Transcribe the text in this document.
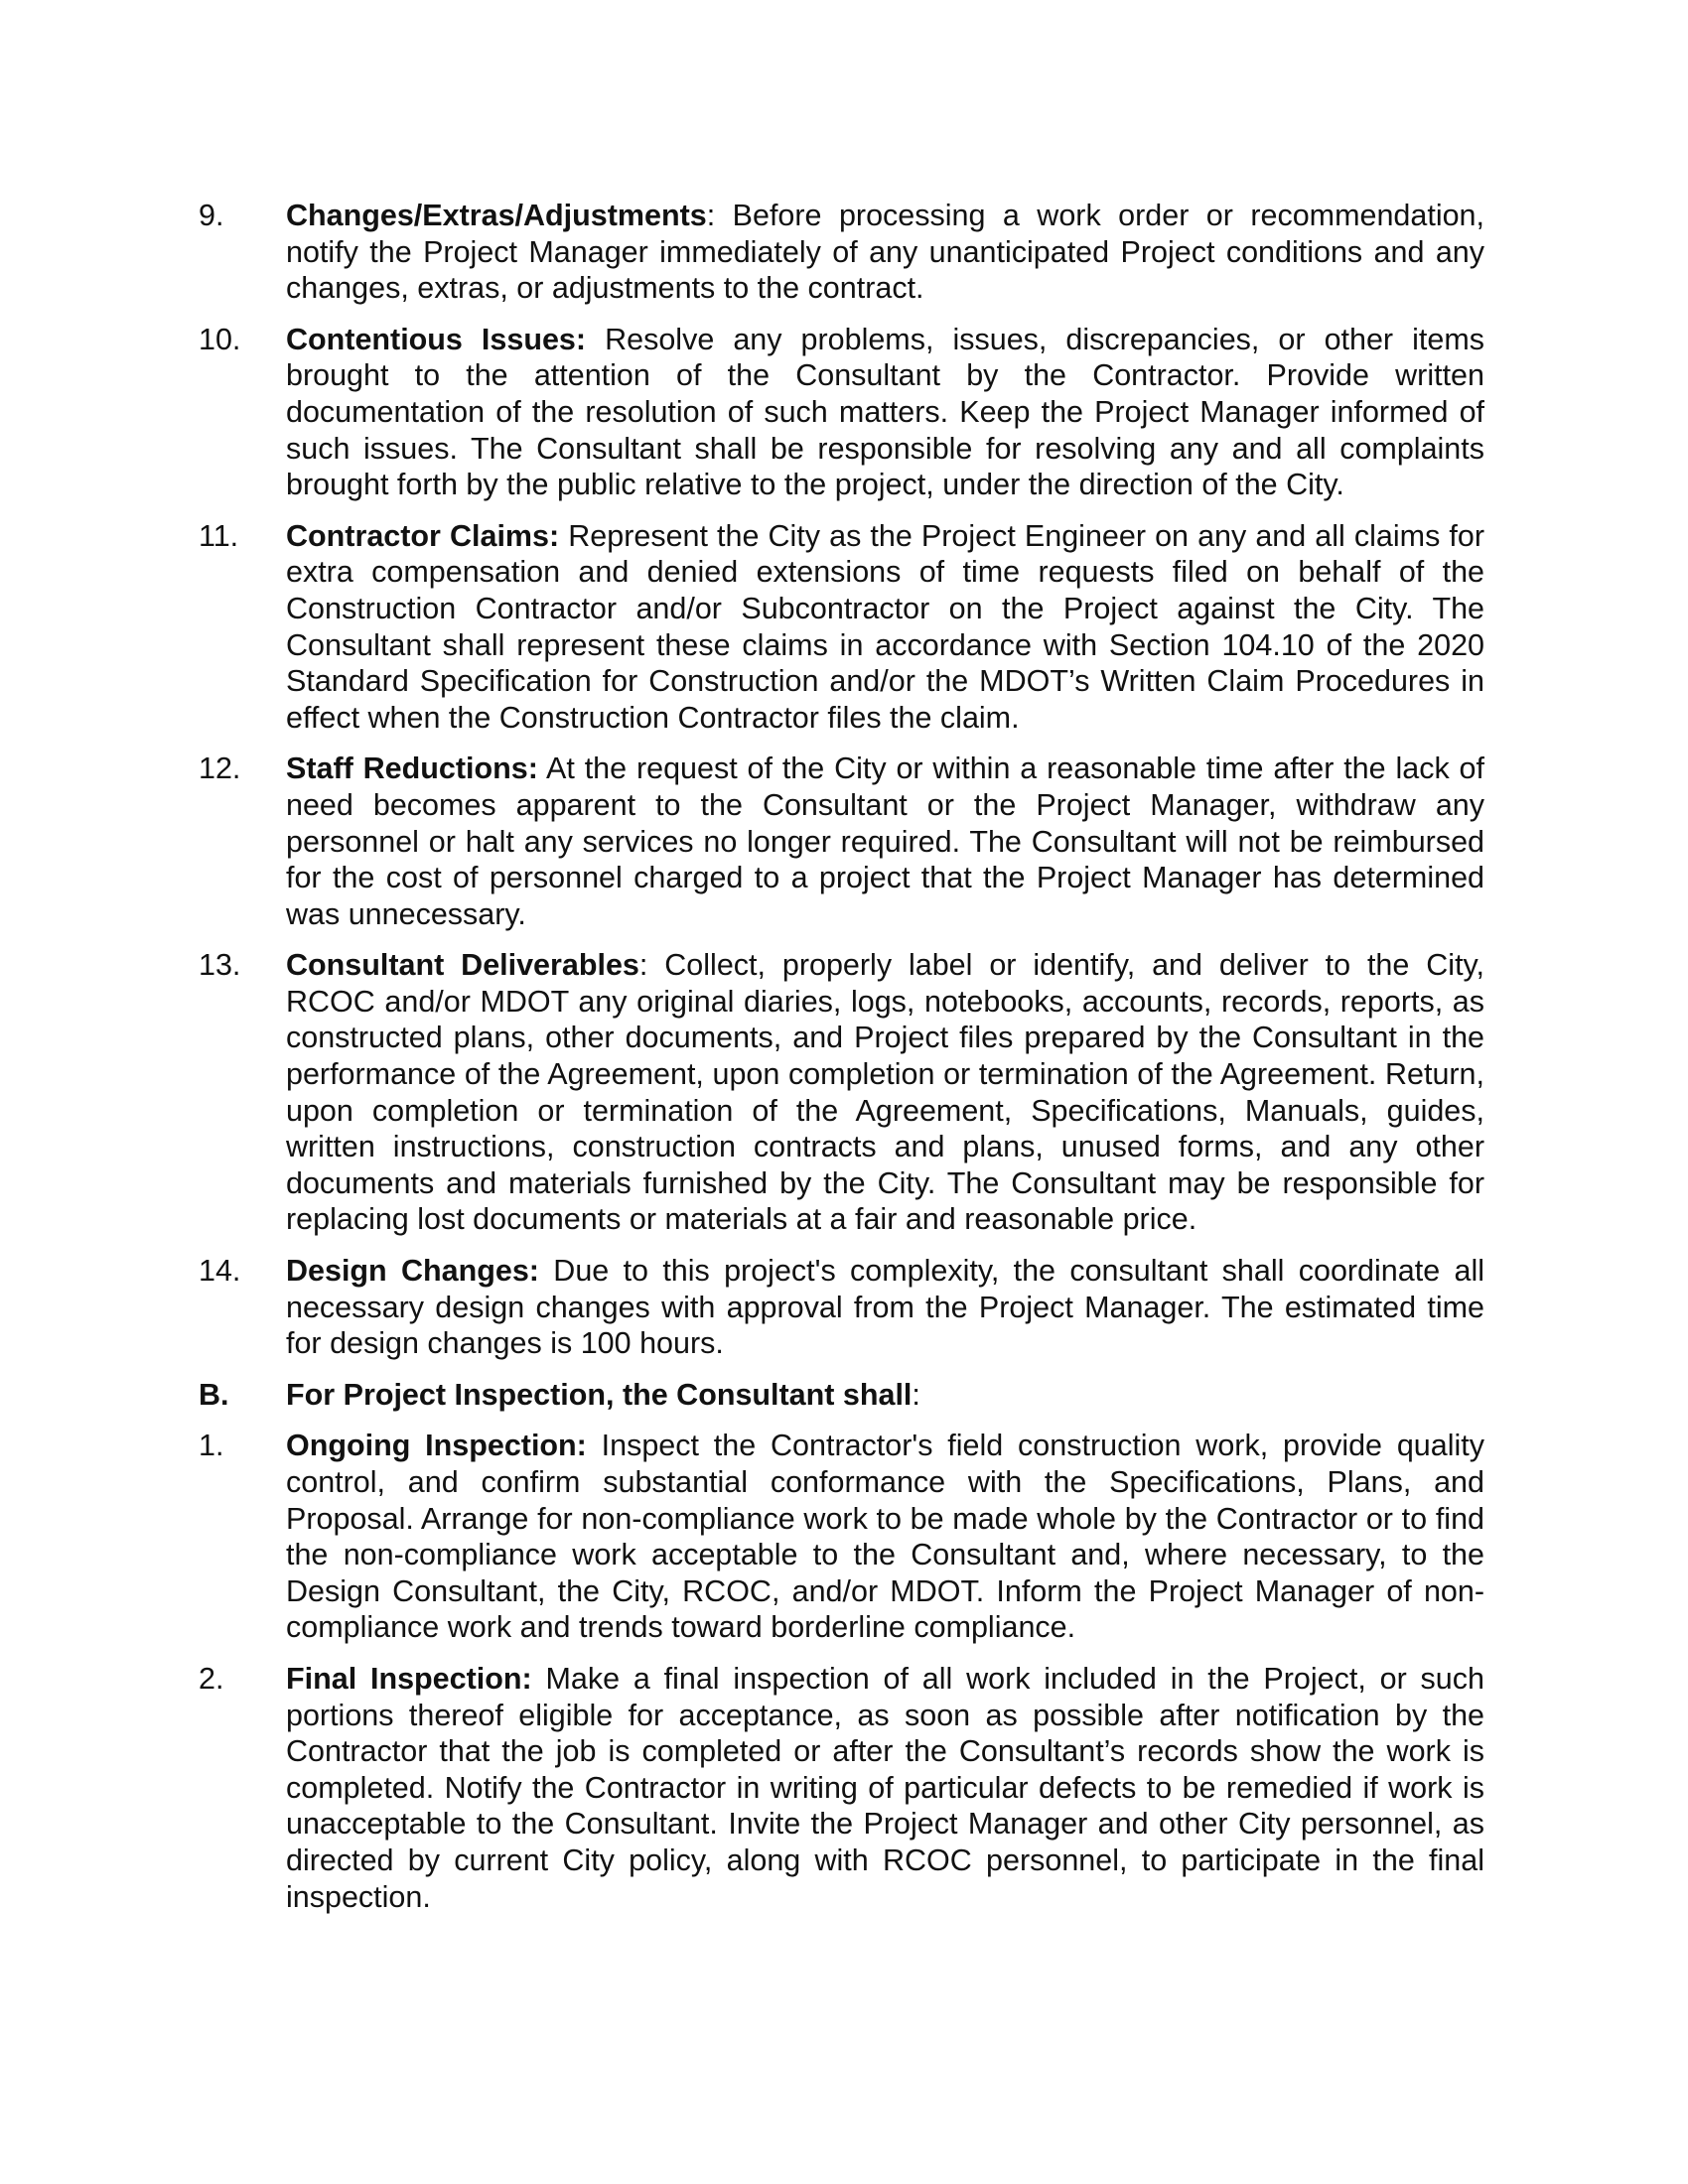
9.	Changes/Extras/Adjustments: Before processing a work order or recommendation, notify the Project Manager immediately of any unanticipated Project conditions and any changes, extras, or adjustments to the contract.
10.	Contentious Issues: Resolve any problems, issues, discrepancies, or other items brought to the attention of the Consultant by the Contractor. Provide written documentation of the resolution of such matters. Keep the Project Manager informed of such issues. The Consultant shall be responsible for resolving any and all complaints brought forth by the public relative to the project, under the direction of the City.
11.	Contractor Claims: Represent the City as the Project Engineer on any and all claims for extra compensation and denied extensions of time requests filed on behalf of the Construction Contractor and/or Subcontractor on the Project against the City. The Consultant shall represent these claims in accordance with Section 104.10 of the 2020 Standard Specification for Construction and/or the MDOT’s Written Claim Procedures in effect when the Construction Contractor files the claim.
12.	Staff Reductions: At the request of the City or within a reasonable time after the lack of need becomes apparent to the Consultant or the Project Manager, withdraw any personnel or halt any services no longer required. The Consultant will not be reimbursed for the cost of personnel charged to a project that the Project Manager has determined was unnecessary.
13.	Consultant Deliverables: Collect, properly label or identify, and deliver to the City, RCOC and/or MDOT any original diaries, logs, notebooks, accounts, records, reports, as constructed plans, other documents, and Project files prepared by the Consultant in the performance of the Agreement, upon completion or termination of the Agreement. Return, upon completion or termination of the Agreement, Specifications, Manuals, guides, written instructions, construction contracts and plans, unused forms, and any other documents and materials furnished by the City. The Consultant may be responsible for replacing lost documents or materials at a fair and reasonable price.
14.	Design Changes: Due to this project's complexity, the consultant shall coordinate all necessary design changes with approval from the Project Manager. The estimated time for design changes is 100 hours.
B.	For Project Inspection, the Consultant shall:
1.	Ongoing Inspection: Inspect the Contractor's field construction work, provide quality control, and confirm substantial conformance with the Specifications, Plans, and Proposal. Arrange for non-compliance work to be made whole by the Contractor or to find the non-compliance work acceptable to the Consultant and, where necessary, to the Design Consultant, the City, RCOC, and/or MDOT. Inform the Project Manager of non-compliance work and trends toward borderline compliance.
2.	Final Inspection: Make a final inspection of all work included in the Project, or such portions thereof eligible for acceptance, as soon as possible after notification by the Contractor that the job is completed or after the Consultant’s records show the work is completed. Notify the Contractor in writing of particular defects to be remedied if work is unacceptable to the Consultant. Invite the Project Manager and other City personnel, as directed by current City policy, along with RCOC personnel, to participate in the final inspection.
